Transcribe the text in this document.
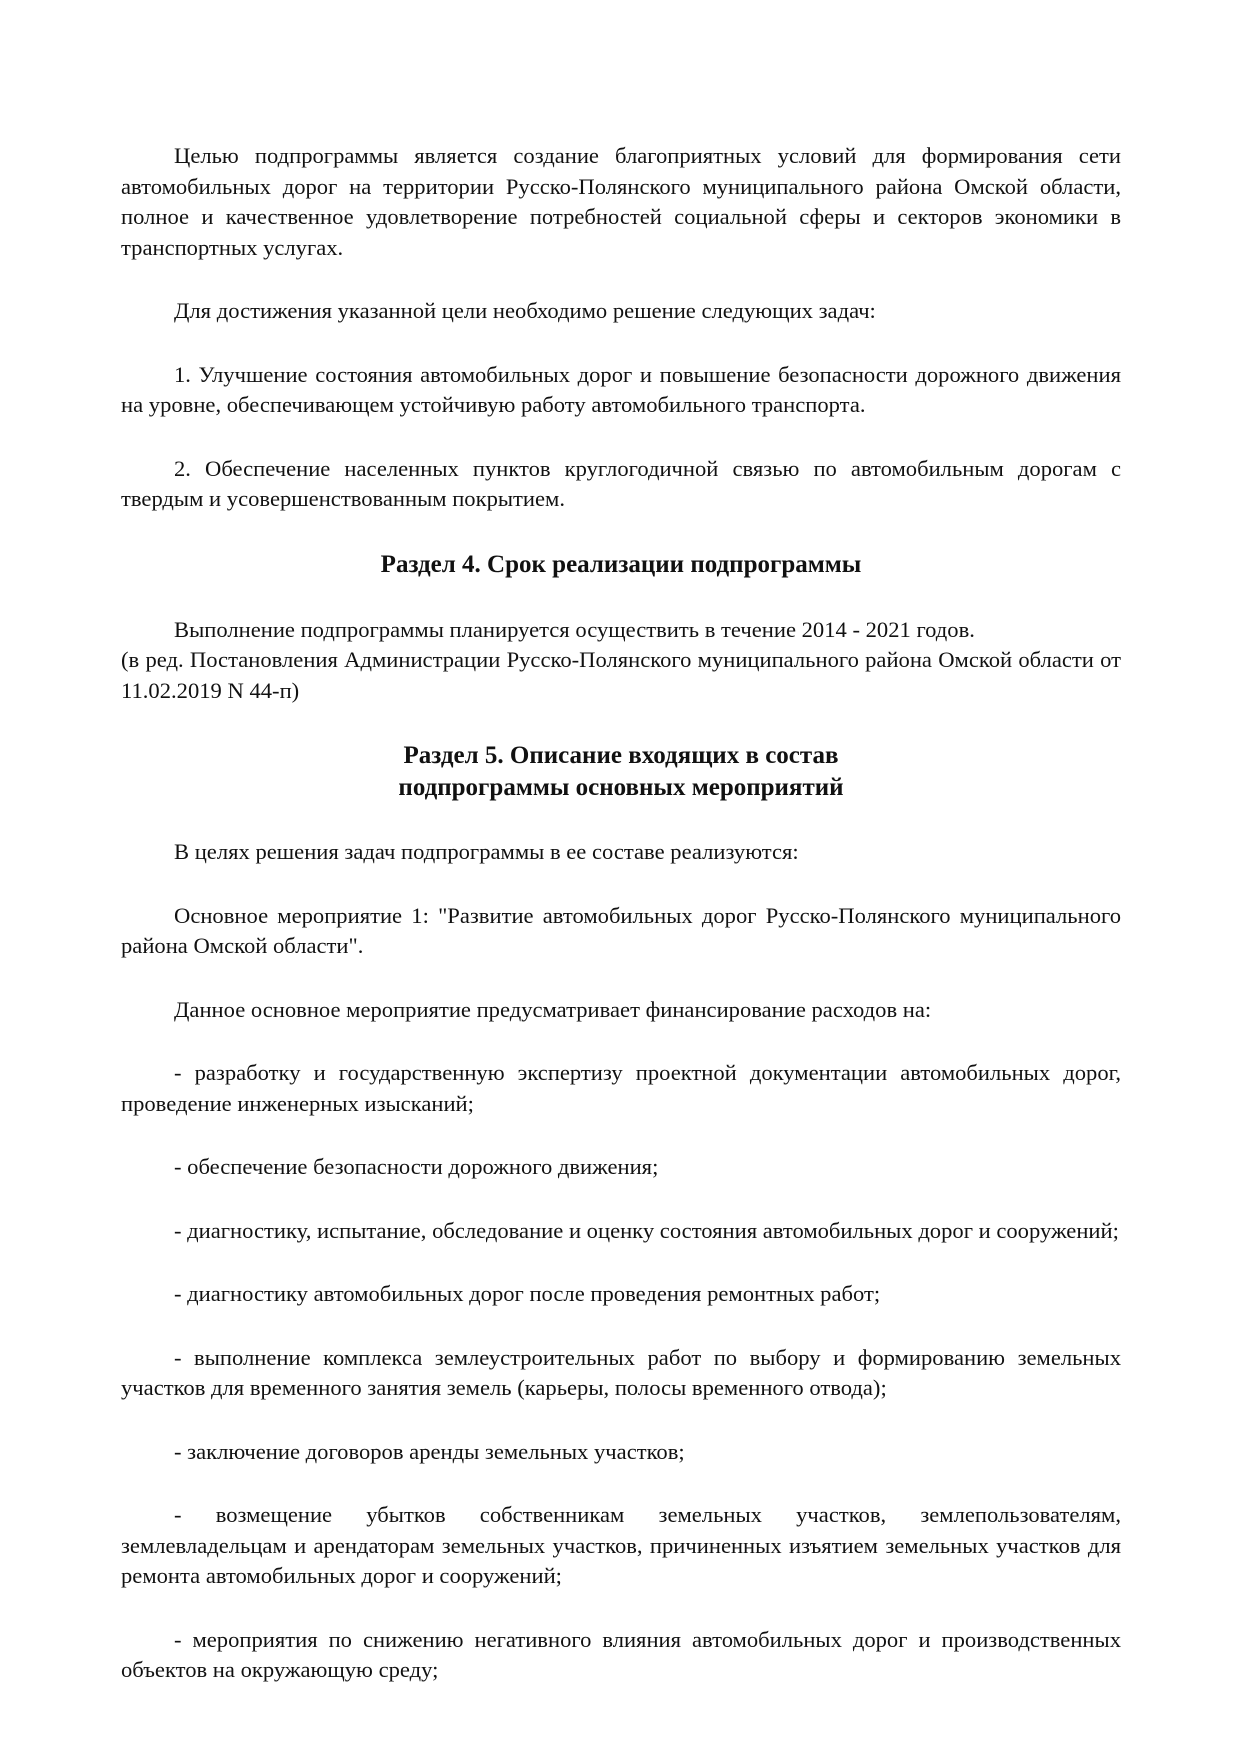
Целью подпрограммы является создание благоприятных условий для формирования сети автомобильных дорог на территории Русско-Полянского муниципального района Омской области, полное и качественное удовлетворение потребностей социальной сферы и секторов экономики в транспортных услугах.

Для достижения указанной цели необходимо решение следующих задач:

1. Улучшение состояния автомобильных дорог и повышение безопасности дорожного движения на уровне, обеспечивающем устойчивую работу автомобильного транспорта.

2. Обеспечение населенных пунктов круглогодичной связью по автомобильным дорогам с твердым и усовершенствованным покрытием.

Раздел 4. Срок реализации подпрограммы

Выполнение подпрограммы планируется осуществить в течение 2014 - 2021 годов.

(в ред. Постановления Администрации Русско-Полянского муниципального района Омской области от 11.02.2019 N 44-п)

Раздел 5. Описание входящих в состав
подпрограммы основных мероприятий

В целях решения задач подпрограммы в ее составе реализуются:

Основное мероприятие 1: "Развитие автомобильных дорог Русско-Полянского муниципального района Омской области".

Данное основное мероприятие предусматривает финансирование расходов на:

- разработку и государственную экспертизу проектной документации автомобильных дорог, проведение инженерных изысканий;

- обеспечение безопасности дорожного движения;

- диагностику, испытание, обследование и оценку состояния автомобильных дорог и сооружений;

- диагностику автомобильных дорог после проведения ремонтных работ;

- выполнение комплекса землеустроительных работ по выбору и формированию земельных участков для временного занятия земель (карьеры, полосы временного отвода);

- заключение договоров аренды земельных участков;

- возмещение убытков собственникам земельных участков, землепользователям, землевладельцам и арендаторам земельных участков, причиненных изъятием земельных участков для ремонта автомобильных дорог и сооружений;

- мероприятия по снижению негативного влияния автомобильных дорог и производственных объектов на окружающую среду;
